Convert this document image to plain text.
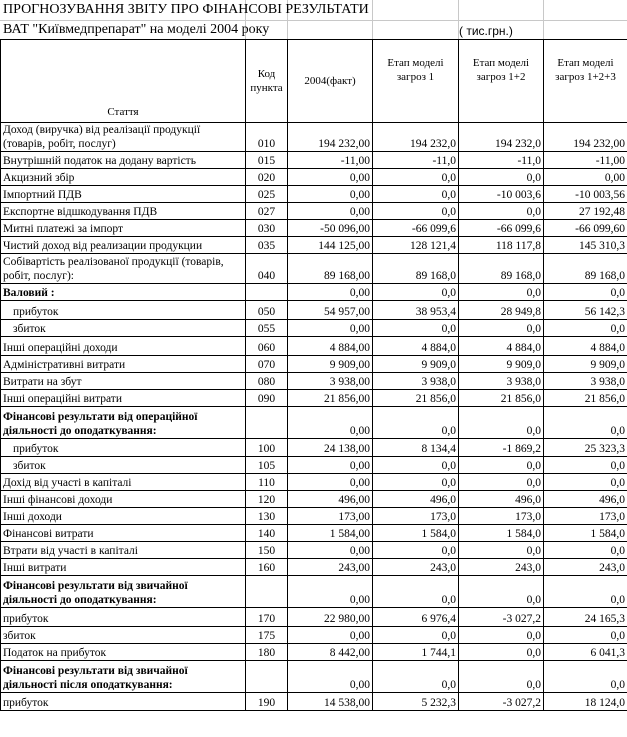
ПРОГНОЗУВАННЯ ЗВІТУ ПРО ФІНАНСОВІ РЕЗУЛЬТАТИ
ВАТ "Київмедпрепарат" на моделі 2004 року	( тис.грн.)
Стаття	Код пункта	2004(факт)	Етап моделі загроз 1	Етап моделі загроз 1+2	Етап моделі загроз 1+2+3
Доход (виручка) від реалізації продукції (товарів, робіт, послуг)	010	194 232,00	194 232,0	194 232,0	194 232,00
Внутрішній податок на додану вартість	015	-11,00	-11,0	-11,0	-11,00
Акцизний збір	020	0,00	0,0	0,0	0,00
Імпортний ПДВ	025	0,00	0,0	-10 003,6	-10 003,56
Експортне відшкодування ПДВ	027	0,00	0,0	0,0	27 192,48
Митні платежі за імпорт	030	-50 096,00	-66 099,6	-66 099,6	-66 099,60
Чистий доход від реализации продукции	035	144 125,00	128 121,4	118 117,8	145 310,3
Собівартість реалізованої продукції (товарів, робіт, послуг):	040	89 168,00	89 168,0	89 168,0	89 168,0
Валовий :		0,00	0,0	0,0	0,0
прибуток	050	54 957,00	38 953,4	28 949,8	56 142,3
збиток	055	0,00	0,0	0,0	0,0
Інші операційні доходи	060	4 884,00	4 884,0	4 884,0	4 884,0
Адміністративні витрати	070	9 909,00	9 909,0	9 909,0	9 909,0
Витрати на збут	080	3 938,00	3 938,0	3 938,0	3 938,0
Інші операційні витрати	090	21 856,00	21 856,0	21 856,0	21 856,0
Фінансові результати від операційної діяльності до оподаткування:		0,00	0,0	0,0	0,0
прибуток	100	24 138,00	8 134,4	-1 869,2	25 323,3
збиток	105	0,00	0,0	0,0	0,0
Дохід від участі в капіталі	110	0,00	0,0	0,0	0,0
Інші фінансові доходи	120	496,00	496,0	496,0	496,0
Інші доходи	130	173,00	173,0	173,0	173,0
Фінансові витрати	140	1 584,00	1 584,0	1 584,0	1 584,0
Втрати від участі в капіталі	150	0,00	0,0	0,0	0,0
Інші витрати	160	243,00	243,0	243,0	243,0
Фінансові результати від звичайної діяльності до оподаткування:		0,00	0,0	0,0	0,0
прибуток	170	22 980,00	6 976,4	-3 027,2	24 165,3
збиток	175	0,00	0,0	0,0	0,0
Податок на прибуток	180	8 442,00	1 744,1	0,0	6 041,3
Фінансові результати від звичайної діяльності після оподаткування:		0,00	0,0	0,0	0,0
прибуток	190	14 538,00	5 232,3	-3 027,2	18 124,0
